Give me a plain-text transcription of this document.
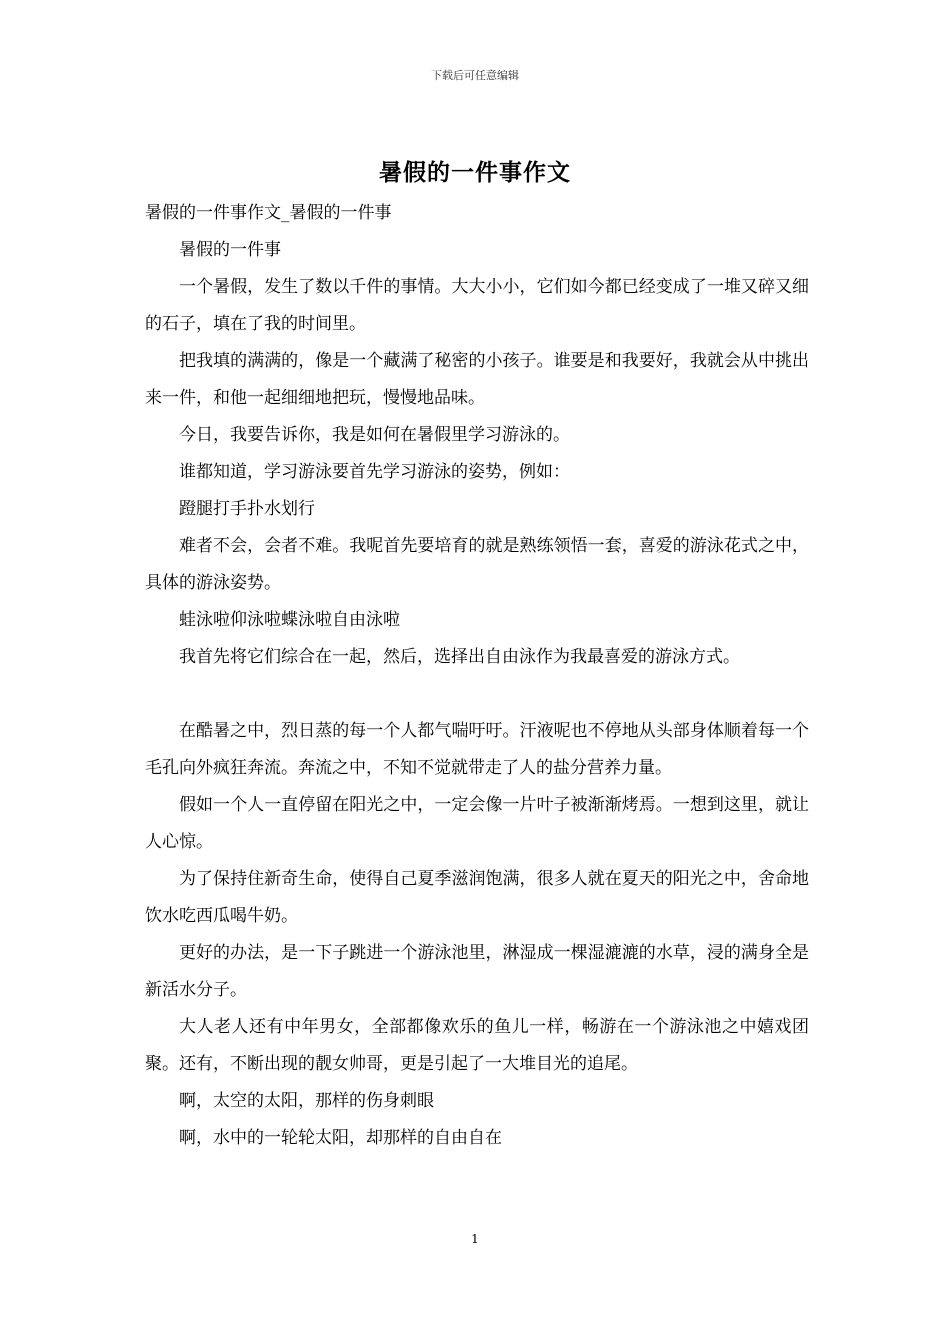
下载后可任意编辑
暑假的一件事作文

暑假的一件事作文_暑假的一件事

暑假的一件事

一个暑假，发生了数以千件的事情。大大小小，它们如今都已经变成了一堆又碎又细的石子，填在了我的时间里。

把我填的满满的，像是一个藏满了秘密的小孩子。谁要是和我要好，我就会从中挑出来一件，和他一起细细地把玩，慢慢地品味。

今日，我要告诉你，我是如何在暑假里学习游泳的。

谁都知道，学习游泳要首先学习游泳的姿势，例如：

蹬腿打手扑水划行

难者不会，会者不难。我呢首先要培育的就是熟练领悟一套，喜爱的游泳花式之中，具体的游泳姿势。

蛙泳啦仰泳啦蝶泳啦自由泳啦

我首先将它们综合在一起，然后，选择出自由泳作为我最喜爱的游泳方式。

在酷暑之中，烈日蒸的每一个人都气喘吁吁。汗液呢也不停地从头部身体顺着每一个毛孔向外疯狂奔流。奔流之中，不知不觉就带走了人的盐分营养力量。

假如一个人一直停留在阳光之中，一定会像一片叶子被渐渐烤焉。一想到这里，就让人心惊。

为了保持住新奇生命，使得自己夏季滋润饱满，很多人就在夏天的阳光之中，舍命地饮水吃西瓜喝牛奶。

更好的办法，是一下子跳进一个游泳池里，淋湿成一棵湿漉漉的水草，浸的满身全是新活水分子。

大人老人还有中年男女，全部都像欢乐的鱼儿一样，畅游在一个游泳池之中嬉戏团聚。还有，不断出现的靓女帅哥，更是引起了一大堆目光的追尾。

啊，太空的太阳，那样的伤身刺眼

啊，水中的一轮轮太阳，却那样的自由自在

1
